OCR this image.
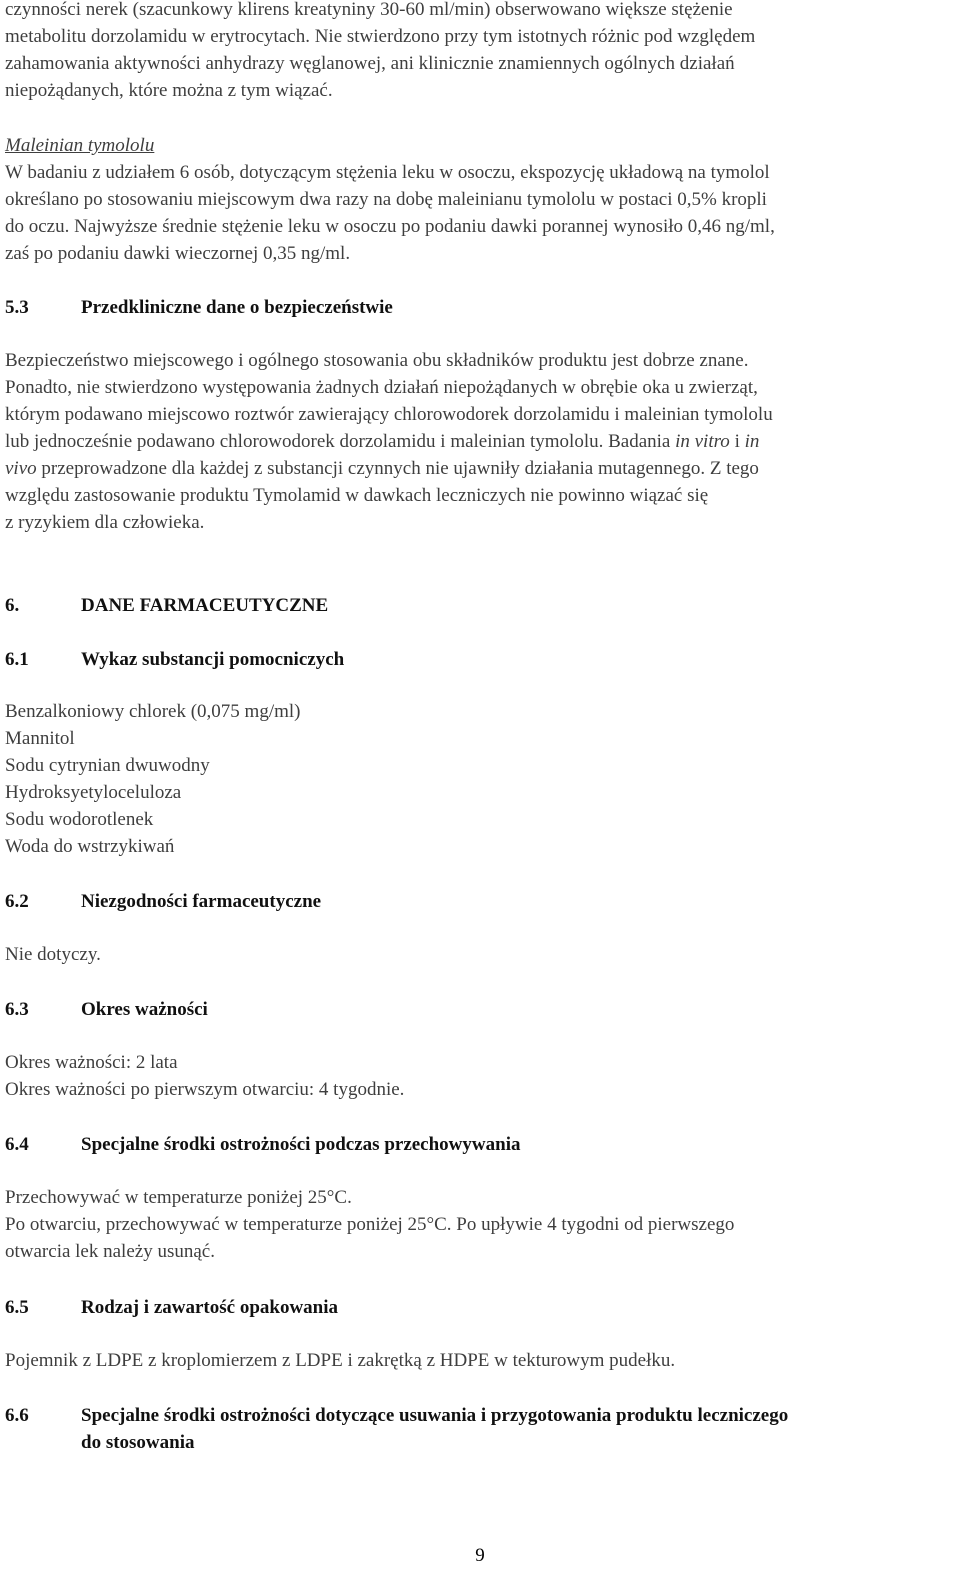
czynności nerek (szacunkowy klirens kreatyniny 30-60 ml/min) obserwowano większe stężenie

metabolitu dorzolamidu w erytrocytach. Nie stwierdzono przy tym istotnych różnic pod względem

zahamowania aktywności anhydrazy węglanowej, ani klinicznie znamiennych ogólnych działań

niepożądanych, które można z tym wiązać.

Maleinian tymololu

W badaniu z udziałem 6 osób, dotyczącym stężenia leku w osoczu, ekspozycję układową na tymolol

określano po stosowaniu miejscowym dwa razy na dobę maleinianu tymololu w postaci 0,5% kropli

do oczu. Najwyższe średnie stężenie leku w osoczu po podaniu dawki porannej wynosiło 0,46 ng/ml,

zaś po podaniu dawki wieczornej 0,35 ng/ml.

5.3	Przedkliniczne dane o bezpieczeństwie

Bezpieczeństwo miejscowego i ogólnego stosowania obu składników produktu jest dobrze znane.

Ponadto, nie stwierdzono występowania żadnych działań niepożądanych w obrębie oka u zwierząt,

którym podawano miejscowo roztwór zawierający chlorowodorek dorzolamidu i maleinian tymololu

lub jednocześnie podawano chlorowodorek dorzolamidu i maleinian tymololu. Badania in vitro i in

vivo przeprowadzone dla każdej z substancji czynnych nie ujawniły działania mutagennego. Z tego

względu zastosowanie produktu Tymolamid w dawkach leczniczych nie powinno wiązać się

z ryzykiem dla człowieka.

6.	DANE FARMACEUTYCZNE
6.1	Wykaz substancji pomocniczych
Benzalkoniowy chlorek (0,075 mg/ml)
Mannitol
Sodu cytrynian dwuwodny
Hydroksyetyloceluloza
Sodu wodorotlenek
Woda do wstrzykiwań
6.2	Niezgodności farmaceutyczne

Nie dotyczy.

6.3	Okres ważności

Okres ważności: 2 lata

Okres ważności po pierwszym otwarciu: 4 tygodnie.

6.4	Specjalne środki ostrożności podczas przechowywania

Przechowywać w temperaturze poniżej 25°C.

Po otwarciu, przechowywać w temperaturze poniżej 25°C. Po upływie 4 tygodni od pierwszego

otwarcia lek należy usunąć.

6.5	Rodzaj i zawartość opakowania

Pojemnik z LDPE z kroplomierzem z LDPE i zakrętką z HDPE w tekturowym pudełku.

6.6	Specjalne środki ostrożności dotyczące usuwania i przygotowania produktu leczniczego
do stosowania
9
